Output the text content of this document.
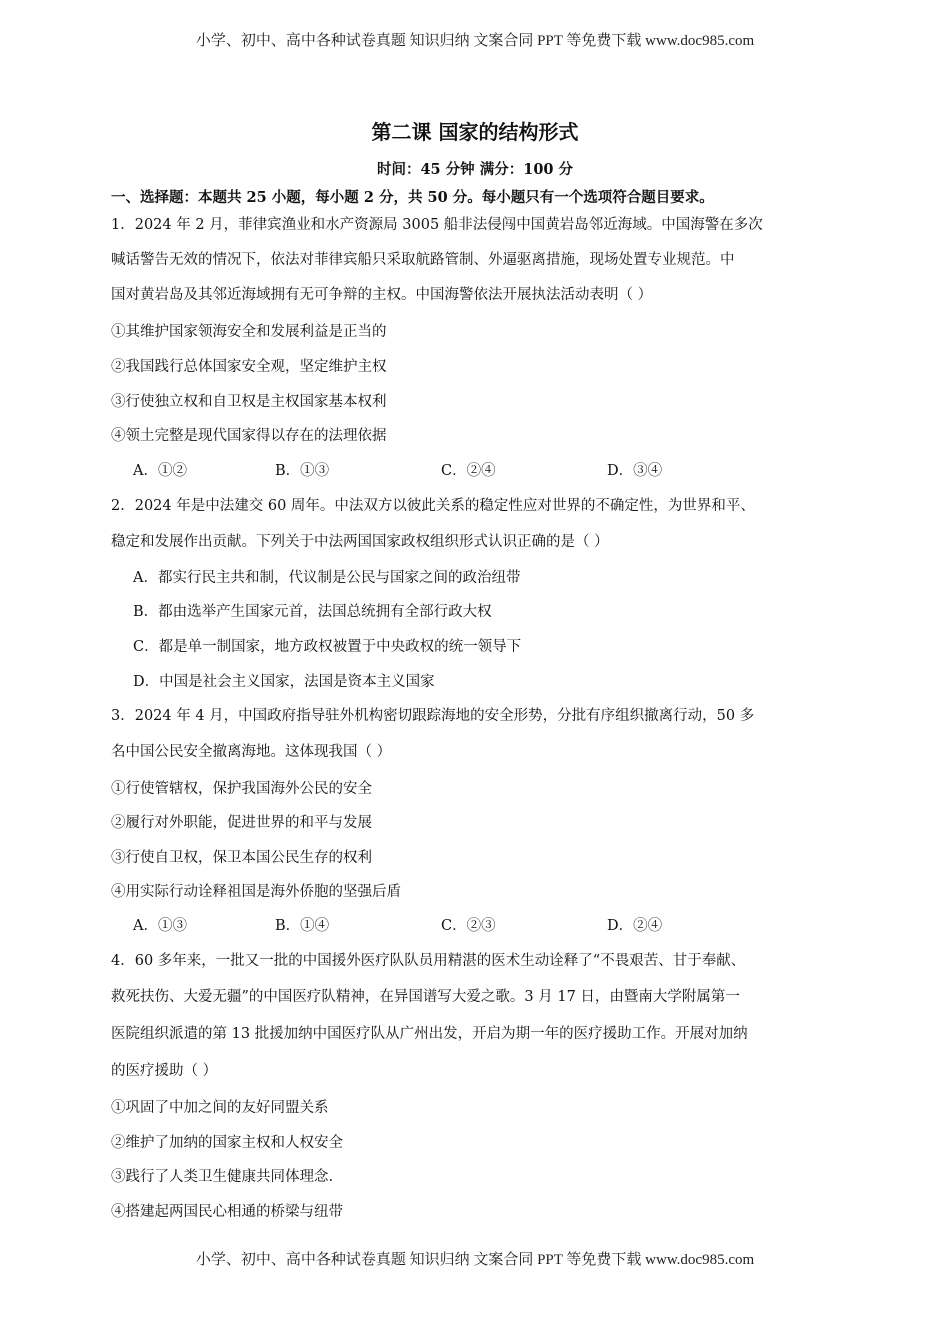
小学、初中、高中各种试卷真题 知识归纳 文案合同 PPT 等免费下载 www.doc985.com
第二课 国家的结构形式
时间：45 分钟 满分：100 分
一、选择题：本题共 25 小题，每小题 2 分，共 50 分。每小题只有一个选项符合题目要求。
1．2024 年 2 月，菲律宾渔业和水产资源局 3005 船非法侵闯中国黄岩岛邻近海域。中国海警在多次
喊话警告无效的情况下，依法对菲律宾船只采取航路管制、外逼驱离措施，现场处置专业规范。中
国对黄岩岛及其邻近海域拥有无可争辩的主权。中国海警依法开展执法活动表明（ ）
①其维护国家领海安全和发展利益是正当的
②我国践行总体国家安全观，坚定维护主权
③行使独立权和自卫权是主权国家基本权利
④领土完整是现代国家得以存在的法理依据
A．①②	B．①③	C．②④	D．③④
2．2024 年是中法建交 60 周年。中法双方以彼此关系的稳定性应对世界的不确定性，为世界和平、
稳定和发展作出贡献。下列关于中法两国国家政权组织形式认识正确的是（ ）
A．都实行民主共和制，代议制是公民与国家之间的政治纽带
B．都由选举产生国家元首，法国总统拥有全部行政大权
C．都是单一制国家，地方政权被置于中央政权的统一领导下
D．中国是社会主义国家，法国是资本主义国家
3．2024 年 4 月，中国政府指导驻外机构密切跟踪海地的安全形势，分批有序组织撤离行动，50 多
名中国公民安全撤离海地。这体现我国（ ）
①行使管辖权，保护我国海外公民的安全
②履行对外职能，促进世界的和平与发展
③行使自卫权，保卫本国公民生存的权利
④用实际行动诠释祖国是海外侨胞的坚强后盾
A．①③	B．①④	C．②③	D．②④
4．60 多年来，一批又一批的中国援外医疗队队员用精湛的医术生动诠释了“不畏艰苦、甘于奉献、
救死扶伤、大爱无疆”的中国医疗队精神，在异国谱写大爱之歌。3 月 17 日，由暨南大学附属第一
医院组织派遣的第 13 批援加纳中国医疗队从广州出发，开启为期一年的医疗援助工作。开展对加纳
的医疗援助（ ）
①巩固了中加之间的友好同盟关系
②维护了加纳的国家主权和人权安全
③践行了人类卫生健康共同体理念.
④搭建起两国民心相通的桥梁与纽带
小学、初中、高中各种试卷真题 知识归纳 文案合同 PPT 等免费下载 www.doc985.com
